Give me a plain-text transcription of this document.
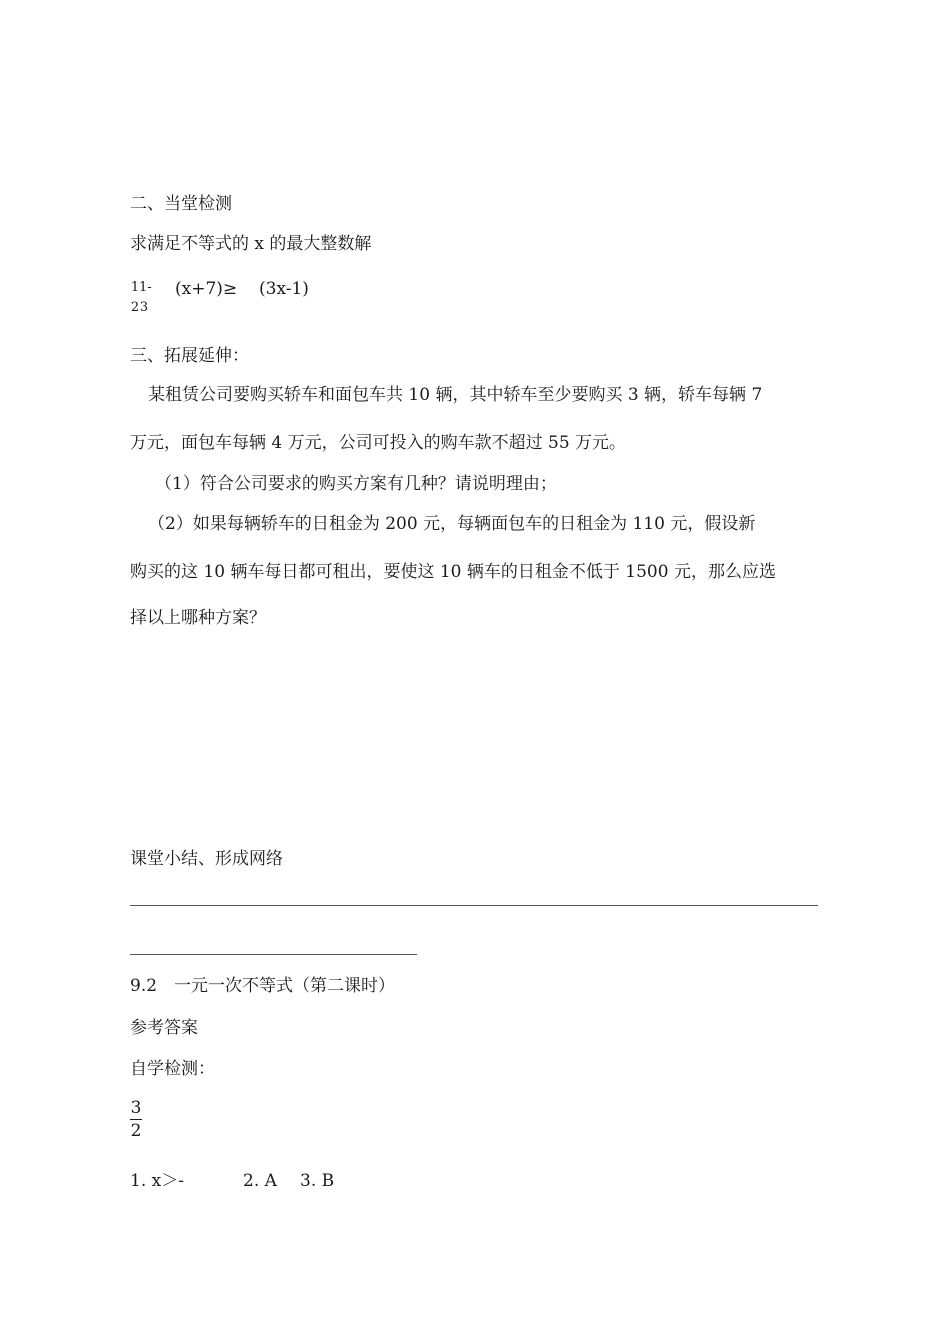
二、当堂检测
求满足不等式的 x 的最大整数解
1
2
1-
3
(x+7)≥ (3x-1)
三、拓展延伸：
某租赁公司要购买轿车和面包车共 10 辆，其中轿车至少要购买 3 辆，轿车每辆 7
万元，面包车每辆 4 万元，公司可投入的购车款不超过 55 万元。
（1）符合公司要求的购买方案有几种？请说明理由；
（2）如果每辆轿车的日租金为 200 元，每辆面包车的日租金为 110 元，假设新
购买的这 10 辆车每日都可租出，要使这 10 辆车的日租金不低于 1500 元，那么应选
择以上哪种方案？
课堂小结、形成网络
9.2　一元一次不等式（第二课时）
参考答案
自学检测：
3
2
1. x＞-	2. A 3. B
